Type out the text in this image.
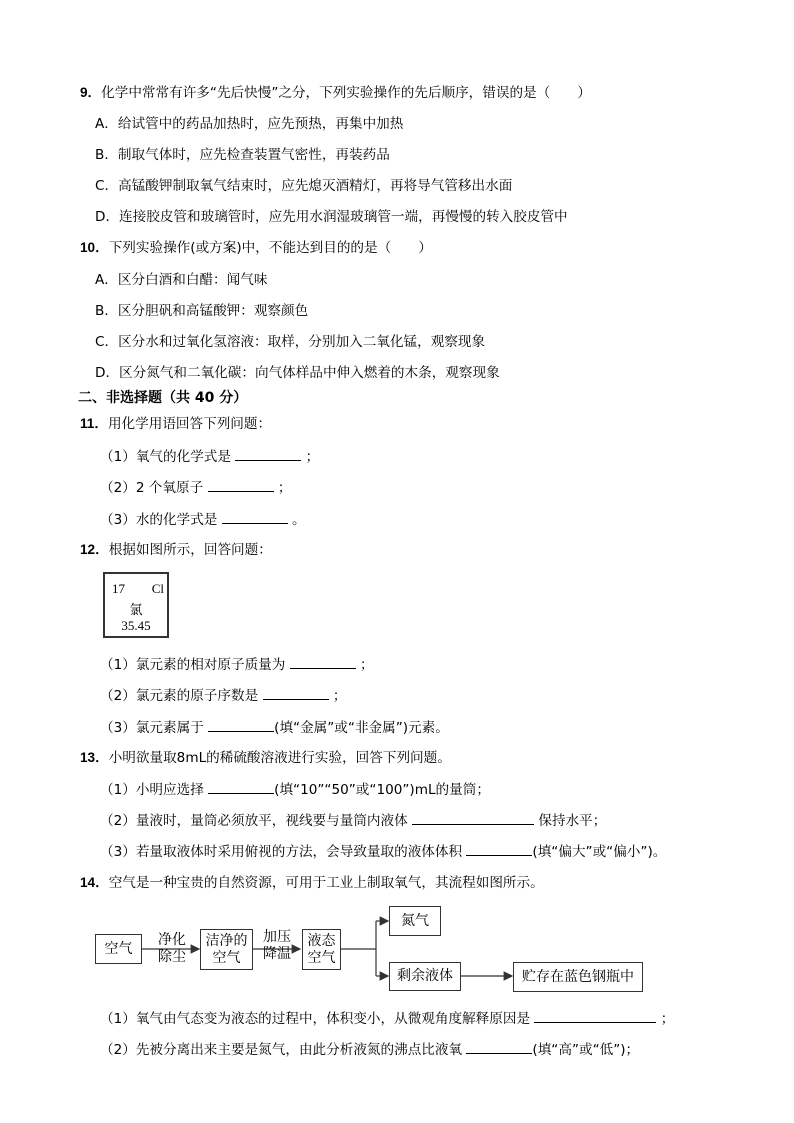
9．化学中常常有许多“先后快慢”之分，下列实验操作的先后顺序，错误的是（　　）
A．给试管中的药品加热时，应先预热，再集中加热
B．制取气体时，应先检查装置气密性，再装药品
C．高锰酸钾制取氧气结束时，应先熄灭酒精灯，再将导气管移出水面
D．连接胶皮管和玻璃管时，应先用水润湿玻璃管一端，再慢慢的转入胶皮管中
10．下列实验操作(或方案)中，不能达到目的的是（　　）
A．区分白酒和白醋：闻气味
B．区分胆矾和高锰酸钾：观察颜色
C．区分水和过氧化氢溶液：取样，分别加入二氧化锰，观察现象
D．区分氮气和二氧化碳：向气体样品中伸入燃着的木条，观察现象
二、非选择题（共 40 分）
11．用化学用语回答下列问题：
（1）氧气的化学式是	；
（2）2 个氧原子	；
（3）水的化学式是	。
12．根据如图所示，回答问题：
17 Cl
氯
35.45
（1）氯元素的相对原子质量为	；
（2）氯元素的原子序数是	；
（3）氯元素属于	(填“金属”或“非金属”)元素。
13．小明欲量取8mL的稀硫酸溶液进行实验，回答下列问题。
（1）小明应选择	(填“10”“50”或“100”)mL的量筒；
（2）量液时，量筒必须放平，视线要与量筒内液体	保持水平；
（3）若量取液体时采用俯视的方法，会导致量取的液体体积	(填“偏大”或“偏小”)。
14．空气是一种宝贵的自然资源，可用于工业上制取氧气，其流程如图所示。
空气
净化
除尘
洁净的
空气
加压
降温
液态
空气
氮气
剩余液体	贮存在蓝色钢瓶中
（1）氧气由气态变为液态的过程中，体积变小，从微观角度解释原因是	；
（2）先被分离出来主要是氮气，由此分析液氮的沸点比液氧	(填“高”或“低”)；
